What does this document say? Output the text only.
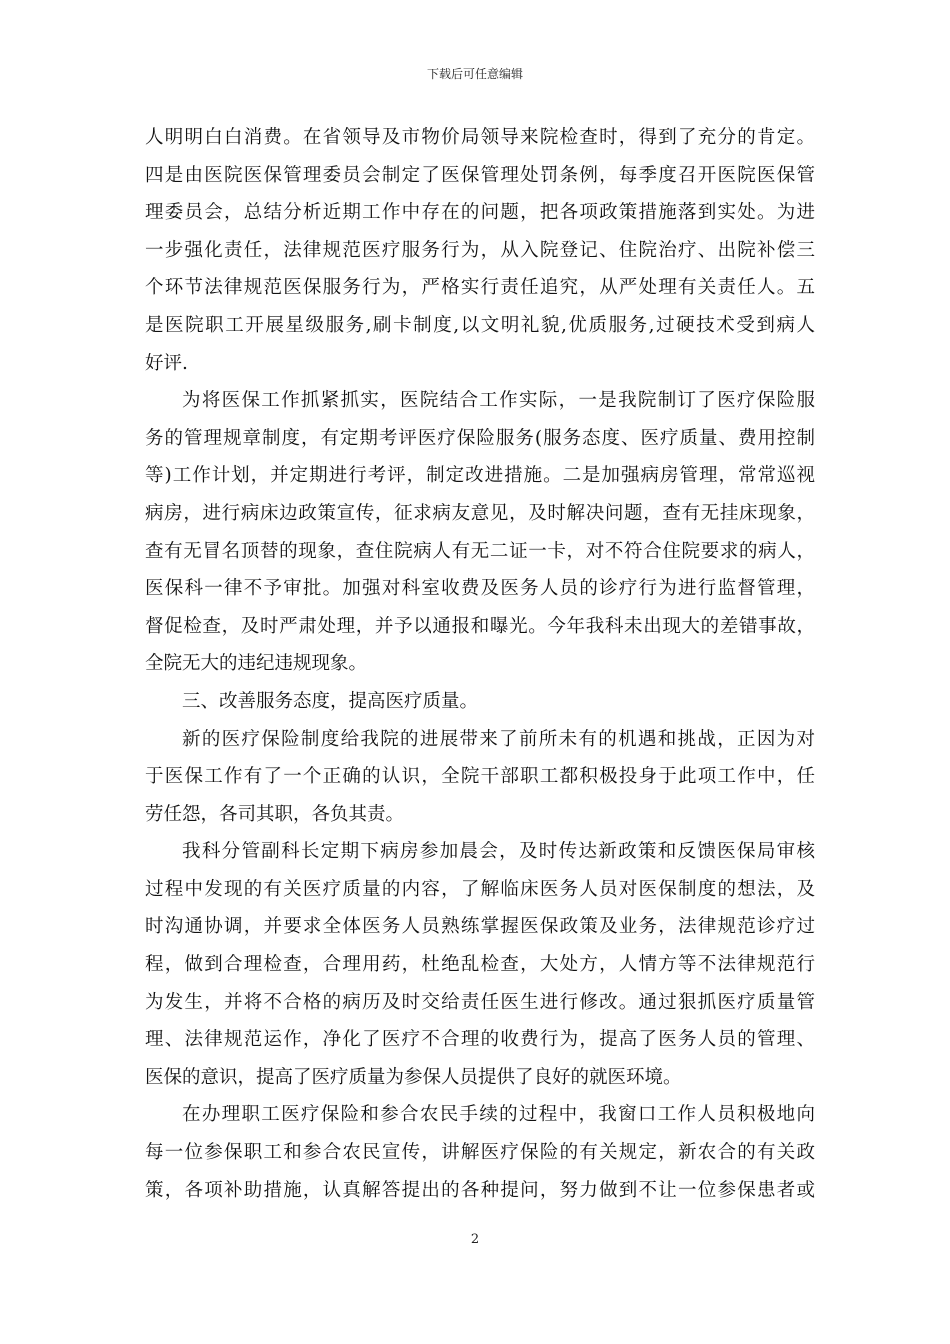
下载后可任意编辑
人明明白白消费。在省领导及市物价局领导来院检查时，得到了充分的肯定。
四是由医院医保管理委员会制定了医保管理处罚条例，每季度召开医院医保管
理委员会，总结分析近期工作中存在的问题，把各项政策措施落到实处。为进
一步强化责任，法律规范医疗服务行为，从入院登记、住院治疗、出院补偿三
个环节法律规范医保服务行为，严格实行责任追究，从严处理有关责任人。五
是医院职工开展星级服务,刷卡制度,以文明礼貌,优质服务,过硬技术受到病人
好评.
为将医保工作抓紧抓实，医院结合工作实际，一是我院制订了医疗保险服
务的管理规章制度，有定期考评医疗保险服务(服务态度、医疗质量、费用控制
等)工作计划，并定期进行考评，制定改进措施。二是加强病房管理，常常巡视
病房，进行病床边政策宣传，征求病友意见，及时解决问题，查有无挂床现象，
查有无冒名顶替的现象，查住院病人有无二证一卡，对不符合住院要求的病人，
医保科一律不予审批。加强对科室收费及医务人员的诊疗行为进行监督管理，
督促检查，及时严肃处理，并予以通报和曝光。今年我科未出现大的差错事故，
全院无大的违纪违规现象。
三、改善服务态度，提高医疗质量。
新的医疗保险制度给我院的进展带来了前所未有的机遇和挑战，正因为对
于医保工作有了一个正确的认识，全院干部职工都积极投身于此项工作中，任
劳任怨，各司其职，各负其责。
我科分管副科长定期下病房参加晨会，及时传达新政策和反馈医保局审核
过程中发现的有关医疗质量的内容，了解临床医务人员对医保制度的想法，及
时沟通协调，并要求全体医务人员熟练掌握医保政策及业务，法律规范诊疗过
程，做到合理检查，合理用药，杜绝乱检查，大处方，人情方等不法律规范行
为发生，并将不合格的病历及时交给责任医生进行修改。通过狠抓医疗质量管
理、法律规范运作，净化了医疗不合理的收费行为，提高了医务人员的管理、
医保的意识，提高了医疗质量为参保人员提供了良好的就医环境。
在办理职工医疗保险和参合农民手续的过程中，我窗口工作人员积极地向
每一位参保职工和参合农民宣传，讲解医疗保险的有关规定，新农合的有关政
策，各项补助措施，认真解答提出的各种提问，努力做到不让一位参保患者或
2
